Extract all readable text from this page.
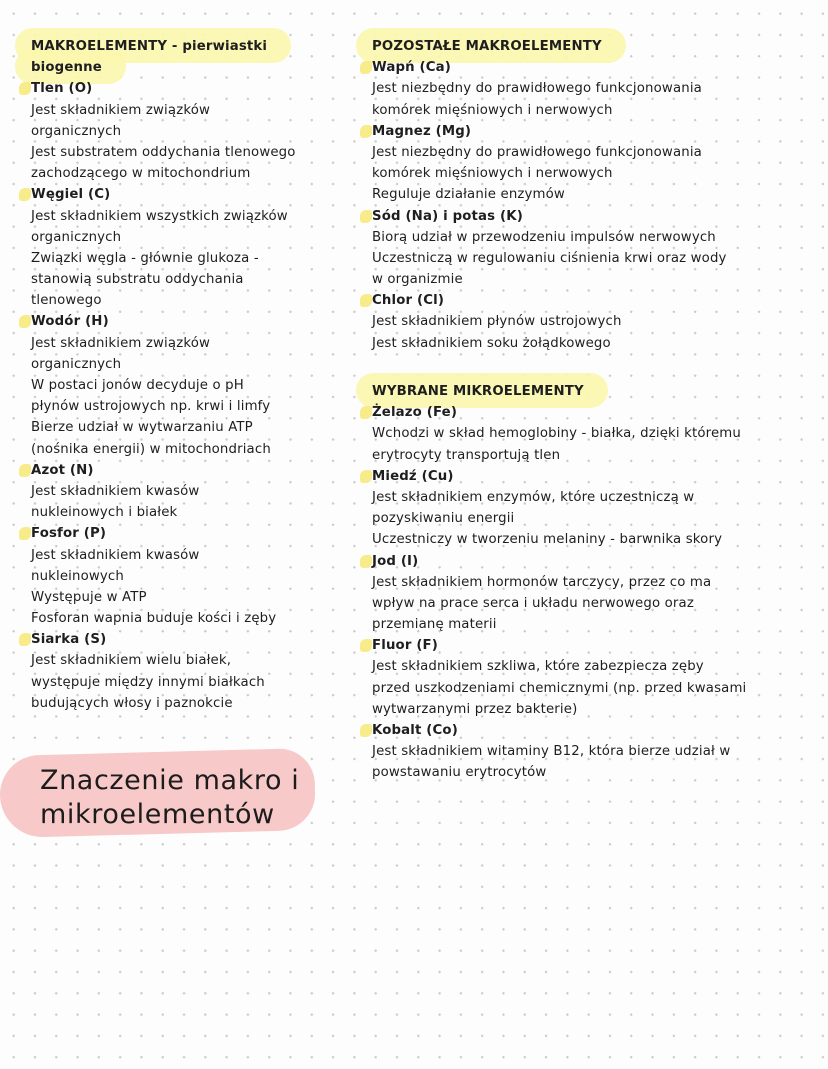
MAKROELEMENTY - pierwiastki
biogenne
Tlen (O)
Jest składnikiem związków
organicznych
Jest substratem oddychania tlenowego
zachodzącego w mitochondrium
Węgiel (C)
Jest składnikiem wszystkich związków
organicznych
Związki węgla - głównie glukoza -
stanowią substratu oddychania
tlenowego
Wodór (H)
Jest składnikiem związków
organicznych
W postaci jonów decyduje o pH
płynów ustrojowych np. krwi i limfy
Bierze udział w wytwarzaniu ATP
(nośnika energii) w mitochondriach
Azot (N)
Jest składnikiem kwasów
nukleinowych i białek
Fosfor (P)
Jest składnikiem kwasów
nukleinowych
Występuje w ATP
Fosforan wapnia buduje kości i zęby
Siarka (S)
Jest składnikiem wielu białek,
występuje między innymi białkach
budujących włosy i paznokcie
POZOSTAŁE MAKROELEMENTY
Wapń (Ca)
Jest niezbędny do prawidłowego funkcjonowania
komórek mięśniowych i nerwowych
Magnez (Mg)
Jest niezbędny do prawidłowego funkcjonowania
komórek mięśniowych i nerwowych
Reguluje działanie enzymów
Sód (Na) i potas (K)
Biorą udział w przewodzeniu impulsów nerwowych
Uczestniczą w regulowaniu ciśnienia krwi oraz wody
w organizmie
Chlor (Cl)
Jest składnikiem płynów ustrojowych
Jest składnikiem soku żołądkowego
WYBRANE MIKROELEMENTY
Żelazo (Fe)
Wchodzi w skład hemoglobiny - białka, dzięki któremu
erytrocyty transportują tlen
Miedź (Cu)
Jest składnikiem enzymów, które uczestniczą w
pozyskiwaniu energii
Uczestniczy w tworzeniu melaniny - barwnika skory
Jod (I)
Jest składnikiem hormonów tarczycy, przez co ma
wpływ na prace serca i układu nerwowego oraz
przemianę materii
Fluor (F)
Jest składnikiem szkliwa, które zabezpiecza zęby
przed uszkodzeniami chemicznymi (np. przed kwasami
wytwarzanymi przez bakterie)
Kobalt (Co)
Jest składnikiem witaminy B12, która bierze udział w
powstawaniu erytrocytów
Znaczenie makro i
mikroelementów
